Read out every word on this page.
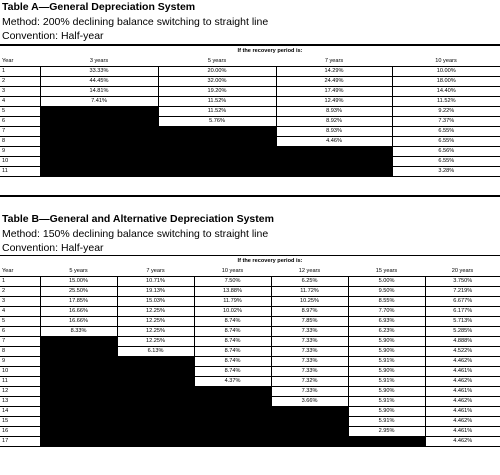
Table A—General Depreciation System
Method: 200% declining balance switching to straight line
Convention: Half-year
	If the recovery period is:			
Year	3 years	5 years	7 years	10 years
1	33.33%	20.00%	14.29%	10.00%
2	44.45%	32.00%	24.49%	18.00%
3	14.81%	19.20%	17.49%	14.40%
4	7.41%	11.52%	12.49%	11.52%
5		11.52%	8.93%	9.22%
6		5.76%	8.92%	7.37%
7			8.93%	6.55%
8			4.46%	6.55%
9				6.56%
10				6.55%
11				3.28%
Table B—General and Alternative Depreciation System
Method: 150% declining balance switching to straight line
Convention: Half-year
	If the recovery period is:					
Year	5 years	7 years	10 years	12 years	15 years	20 years
1	15.00%	10.71%	7.50%	6.25%	5.00%	3.750%
2	25.50%	19.13%	13.88%	11.72%	9.50%	7.219%
3	17.85%	15.03%	11.79%	10.25%	8.55%	6.677%
4	16.66%	12.25%	10.02%	8.97%	7.70%	6.177%
5	16.66%	12.25%	8.74%	7.85%	6.93%	5.713%
6	8.33%	12.25%	8.74%	7.33%	6.23%	5.285%
7		12.25%	8.74%	7.33%	5.90%	4.888%
8		6.13%	8.74%	7.33%	5.90%	4.522%
9			8.74%	7.33%	5.91%	4.462%
10			8.74%	7.33%	5.90%	4.461%
11			4.37%	7.32%	5.91%	4.462%
12				7.33%	5.90%	4.461%
13				3.66%	5.91%	4.462%
14					5.90%	4.461%
15					5.91%	4.462%
16					2.95%	4.461%
17						4.462%
